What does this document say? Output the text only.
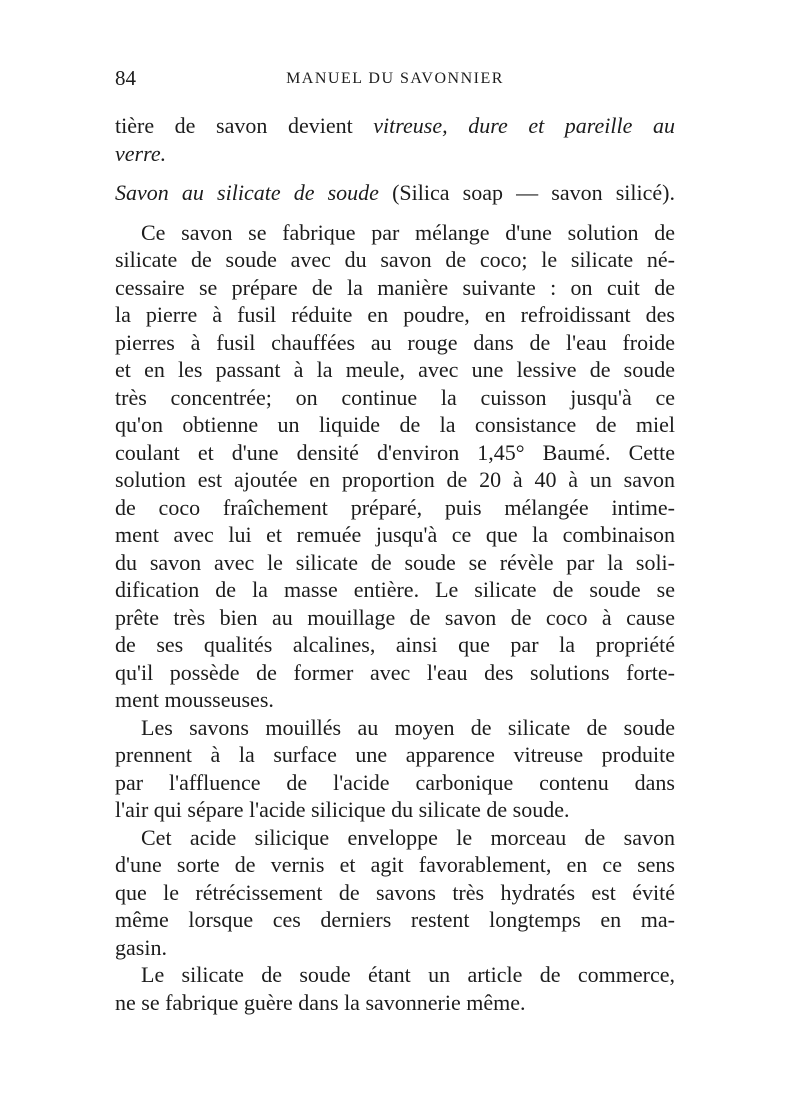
84	MANUEL DU SAVONNIER
tière de savon devient vitreuse, dure et pareille au
verre.
Savon au silicate de soude (Silica soap — savon silicé).
Ce savon se fabrique par mélange d'une solution de
silicate de soude avec du savon de coco; le silicate né-
cessaire se prépare de la manière suivante : on cuit de
la pierre à fusil réduite en poudre, en refroidissant des
pierres à fusil chauffées au rouge dans de l'eau froide
et en les passant à la meule, avec une lessive de soude
très concentrée; on continue la cuisson jusqu'à ce
qu'on obtienne un liquide de la consistance de miel
coulant et d'une densité d'environ 1,45° Baumé. Cette
solution est ajoutée en proportion de 20 à 40 à un savon
de coco fraîchement préparé, puis mélangée intime-
ment avec lui et remuée jusqu'à ce que la combinaison
du savon avec le silicate de soude se révèle par la soli-
dification de la masse entière. Le silicate de soude se
prête très bien au mouillage de savon de coco à cause
de ses qualités alcalines, ainsi que par la propriété
qu'il possède de former avec l'eau des solutions forte-
ment mousseuses.
Les savons mouillés au moyen de silicate de soude
prennent à la surface une apparence vitreuse produite
par l'affluence de l'acide carbonique contenu dans
l'air qui sépare l'acide silicique du silicate de soude.
Cet acide silicique enveloppe le morceau de savon
d'une sorte de vernis et agit favorablement, en ce sens
que le rétrécissement de savons très hydratés est évité
même lorsque ces derniers restent longtemps en ma-
gasin.
Le silicate de soude étant un article de commerce,
ne se fabrique guère dans la savonnerie même.
